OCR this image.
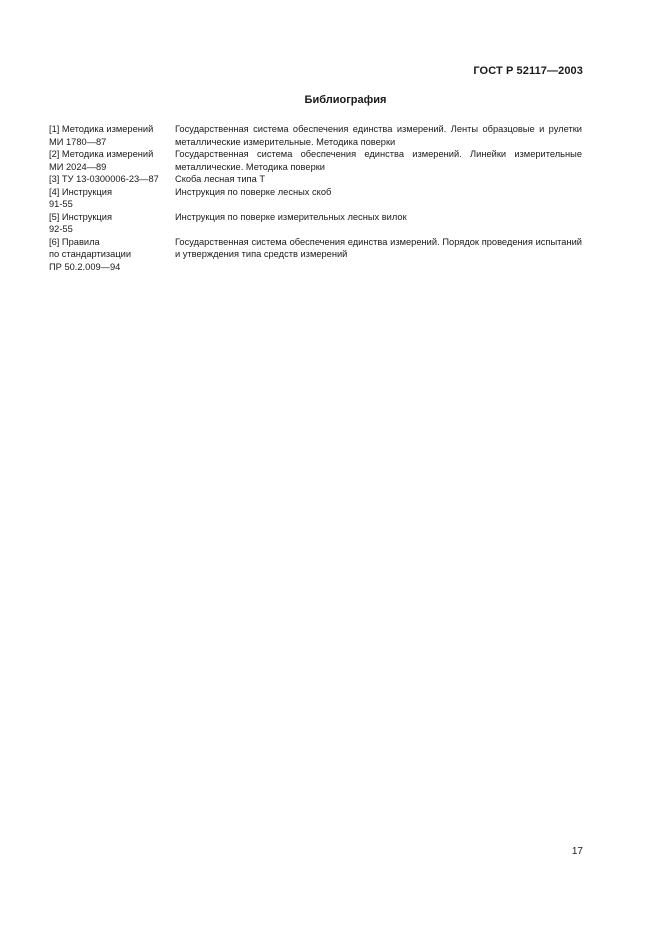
ГОСТ Р 52117—2003
Библиография
[1] Методика измерений
МИ 1780—87
Государственная система обеспечения единства измерений. Ленты образцовые и рулетки металлические измерительные. Методика поверки
[2] Методика измерений
МИ 2024—89
Государственная система обеспечения единства измерений. Линейки измерительные металлические. Методика поверки
[3] ТУ 13-0300006-23—87	Скоба лесная типа Т
[4] Инструкция
91-55
Инструкция по поверке лесных скоб
[5] Инструкция
92-55
Инструкция по поверке измерительных лесных вилок
[6] Правила
по стандартизации
ПР 50.2.009—94
Государственная система обеспечения единства измерений. Порядок проведения испытаний и утверждения типа средств измерений
17
